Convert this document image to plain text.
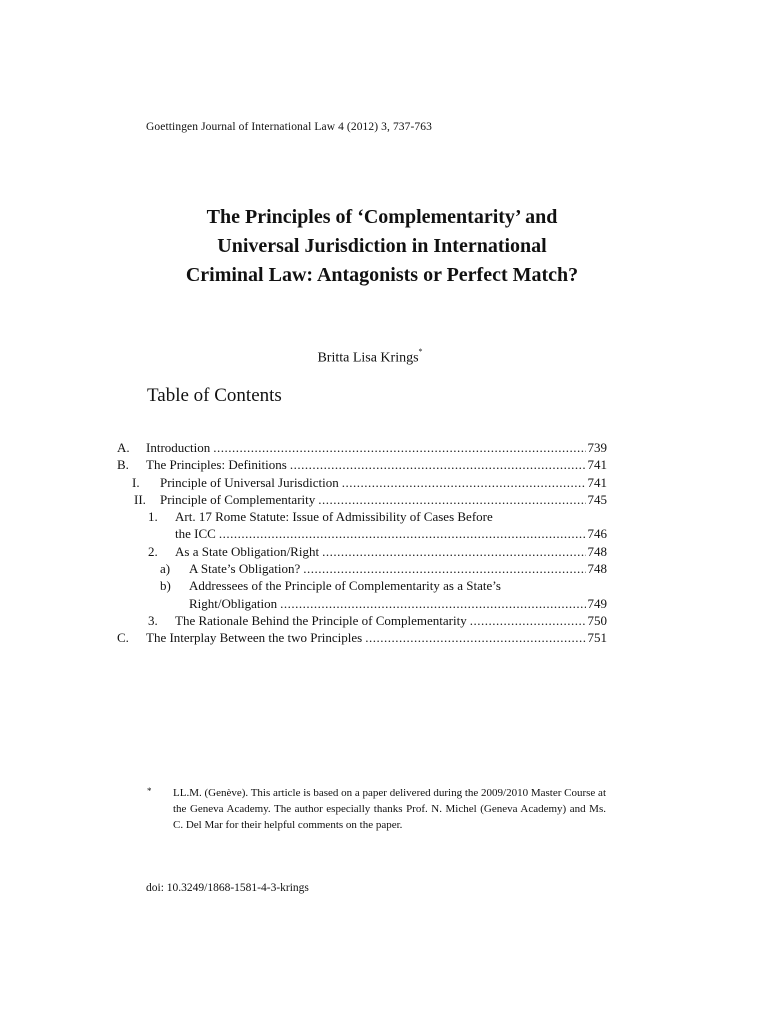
Goettingen Journal of International Law 4 (2012) 3, 737-763
The Principles of ‘Complementarity’ and
Universal Jurisdiction in International
Criminal Law: Antagonists or Perfect Match?
Britta Lisa Krings*
Table of Contents
A. Introduction .....	739
B. The Principles: Definitions .....	741
I. Principle of Universal Jurisdiction .....	741
II. Principle of Complementarity .....	745
1. Art. 17 Rome Statute: Issue of Admissibility of Cases Before
the ICC .....	746
2. As a State Obligation/Right .....	748
a) A State’s Obligation? .....	748
b) Addressees of the Principle of Complementarity as a State’s
Right/Obligation .....	749
3. The Rationale Behind the Principle of Complementarity .....	750
C. The Interplay Between the two Principles .....	751
* LL.M. (Genève). This article is based on a paper delivered during the 2009/2010 Master Course at the Geneva Academy. The author especially thanks Prof. N. Michel (Geneva Academy) and Ms. C. Del Mar for their helpful comments on the paper.
doi: 10.3249/1868-1581-4-3-krings
